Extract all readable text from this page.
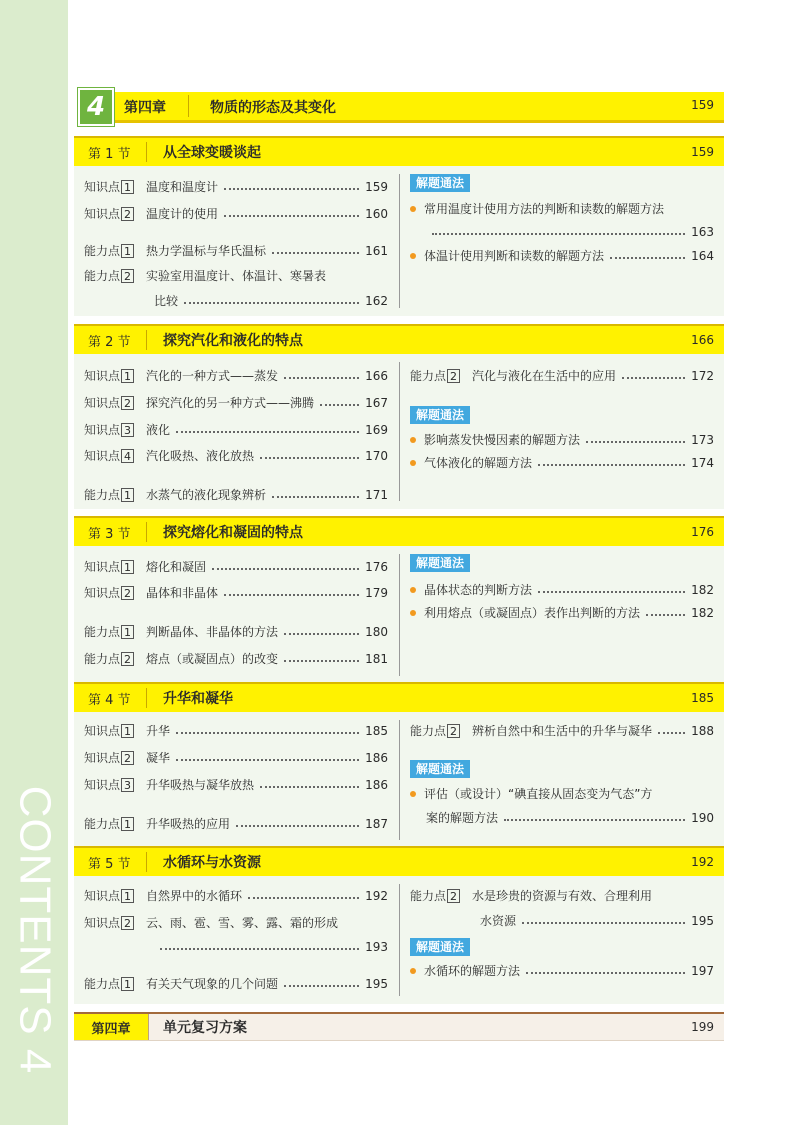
CONTENTS 4
4	第四章	物质的形态及其变化	159
第 1 节	从全球变暖谈起	159
知识点 1 温度和温度计	159
知识点 2 温度计的使用	160
能力点 1 热力学温标与华氏温标	161
能力点 2 实验室用温度计、体温计、寒暑表
比较	162
解题通法
常用温度计使用方法的判断和读数的解题方法
163
体温计使用判断和读数的解题方法	164
第 2 节	探究汽化和液化的特点	166
知识点 1 汽化的一种方式——蒸发	166
知识点 2 探究汽化的另一种方式——沸腾	167
知识点 3 液化	169
知识点 4 汽化吸热、液化放热	170
能力点 1 水蒸气的液化现象辨析	171
能力点 2 汽化与液化在生活中的应用	172
解题通法
影响蒸发快慢因素的解题方法	173
气体液化的解题方法	174
第 3 节	探究熔化和凝固的特点	176
知识点 1 熔化和凝固	176
知识点 2 晶体和非晶体	179
能力点 1 判断晶体、非晶体的方法	180
能力点 2 熔点（或凝固点）的改变	181
解题通法
晶体状态的判断方法	182
利用熔点（或凝固点）表作出判断的方法	182
第 4 节	升华和凝华	185
知识点 1 升华	185
知识点 2 凝华	186
知识点 3 升华吸热与凝华放热	186
能力点 1 升华吸热的应用	187
能力点 2 辨析自然中和生活中的升华与凝华	188
解题通法
评估（或设计）“碘直接从固态变为气态”方
案的解题方法	190
第 5 节	水循环与水资源	192
知识点 1 自然界中的水循环	192
知识点 2 云、雨、雹、雪、雾、露、霜的形成
193
能力点 1 有关天气现象的几个问题	195
能力点 2 水是珍贵的资源与有效、合理利用
水资源	195
解题通法
水循环的解题方法	197
第四章	单元复习方案	199
